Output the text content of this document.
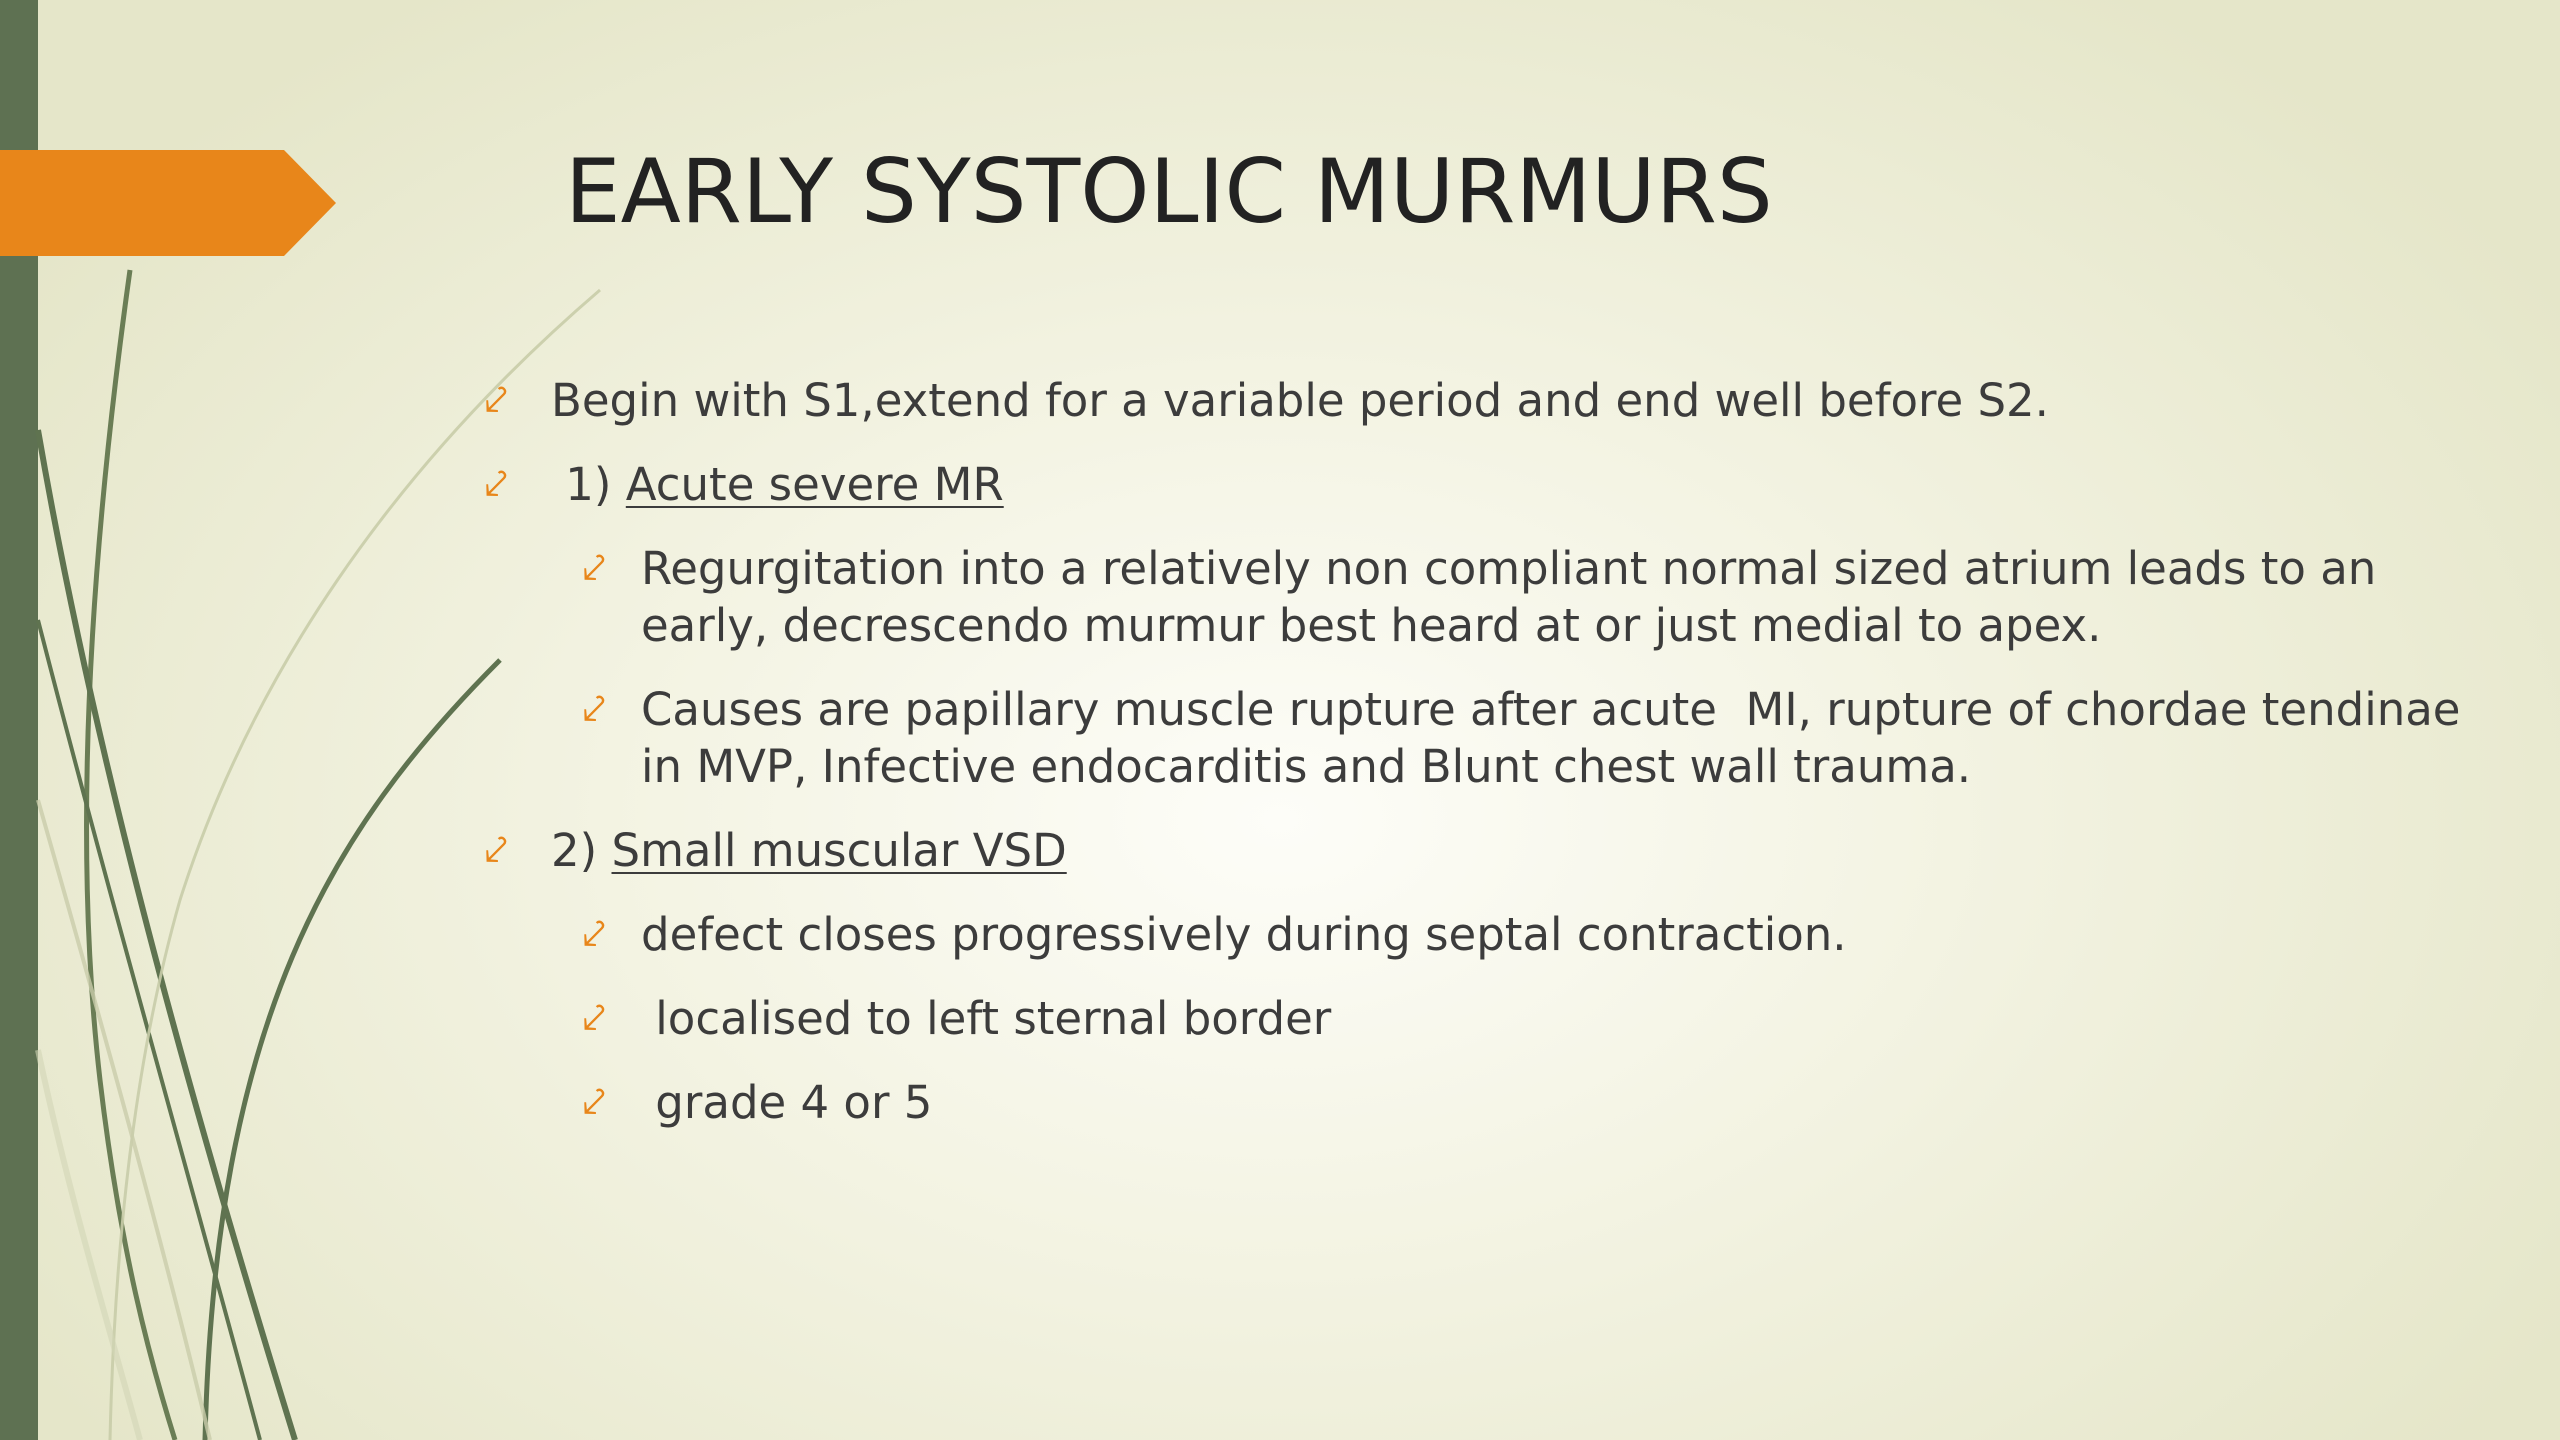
EARLY SYSTOLIC MURMURS
⤦ Begin with S1,extend for a variable period and end well before S2.
⤦ 1) Acute severe MR
⤦ Regurgitation into a relatively non compliant normal sized atrium leads to an early, decrescendo murmur best heard at or just medial to apex.
⤦ Causes are papillary muscle rupture after acute  MI, rupture of chordae tendinae in MVP, Infective endocarditis and Blunt chest wall trauma.
⤦ 2) Small muscular VSD
⤦ defect closes progressively during septal contraction.
⤦ localised to left sternal border
⤦ grade 4 or 5
